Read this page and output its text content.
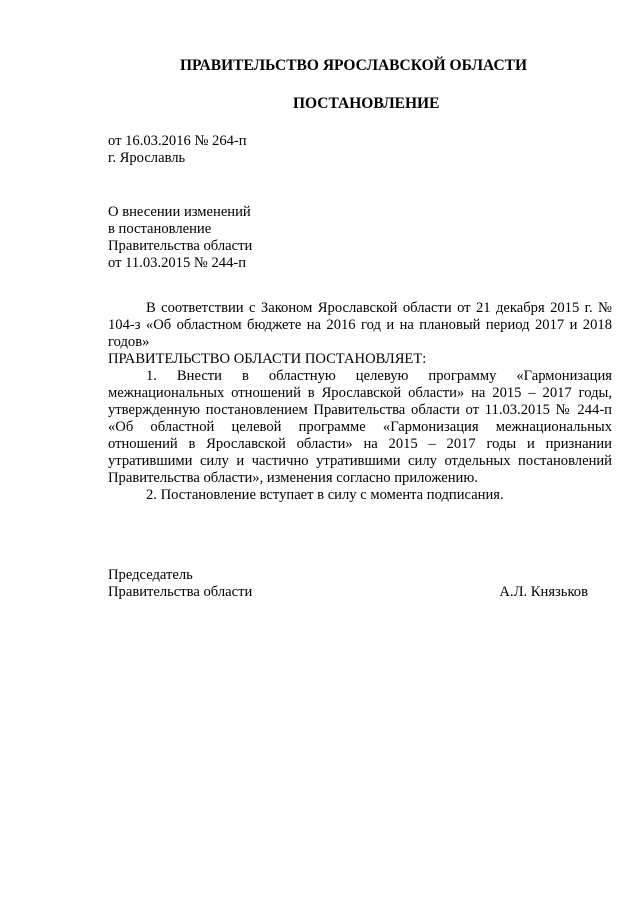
ПРАВИТЕЛЬСТВО ЯРОСЛАВСКОЙ ОБЛАСТИ
ПОСТАНОВЛЕНИЕ
от 16.03.2016 № 264-п
г. Ярославль
О внесении изменений
в постановление
Правительства области
от 11.03.2015 № 244-п
В соответствии с Законом Ярославской области от 21 декабря 2015 г. № 104-з «Об областном бюджете на 2016 год и на плановый период 2017 и 2018 годов»
ПРАВИТЕЛЬСТВО ОБЛАСТИ ПОСТАНОВЛЯЕТ:
1. Внести в областную целевую программу «Гармонизация межнациональных отношений в Ярославской области» на 2015 – 2017 годы, утвержденную постановлением Правительства области от 11.03.2015 № 244-п «Об областной целевой программе «Гармонизация межнациональных отношений в Ярославской области» на 2015 – 2017 годы и признании утратившими силу и частично утратившими силу отдельных постановлений Правительства области», изменения согласно приложению.
2. Постановление вступает в силу с момента подписания.
Председатель
Правительства области	А.Л. Князьков
